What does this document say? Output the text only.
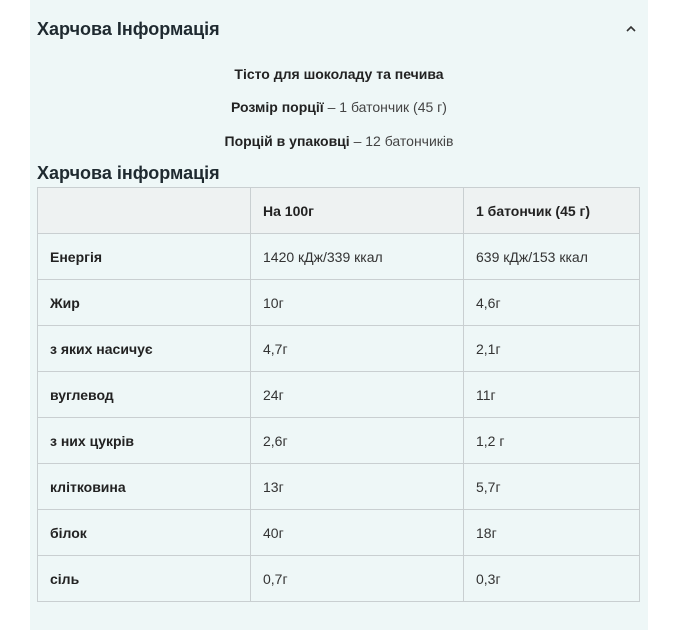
Харчова Інформація
Тісто для шоколаду та печива
Розмір порції – 1 батончик (45 г)
Порцій в упаковці – 12 батончиків
Харчова інформація
	На 100г	1 батончик (45 г)
Енергія	1420 кДж/339 ккал	639 кДж/153 ккал
Жир	10г	4,6г
з яких насичує	4,7г	2,1г
вуглевод	24г	11г
з них цукрів	2,6г	1,2 г
клітковина	13г	5,7г
білок	40г	18г
сіль	0,7г	0,3г
